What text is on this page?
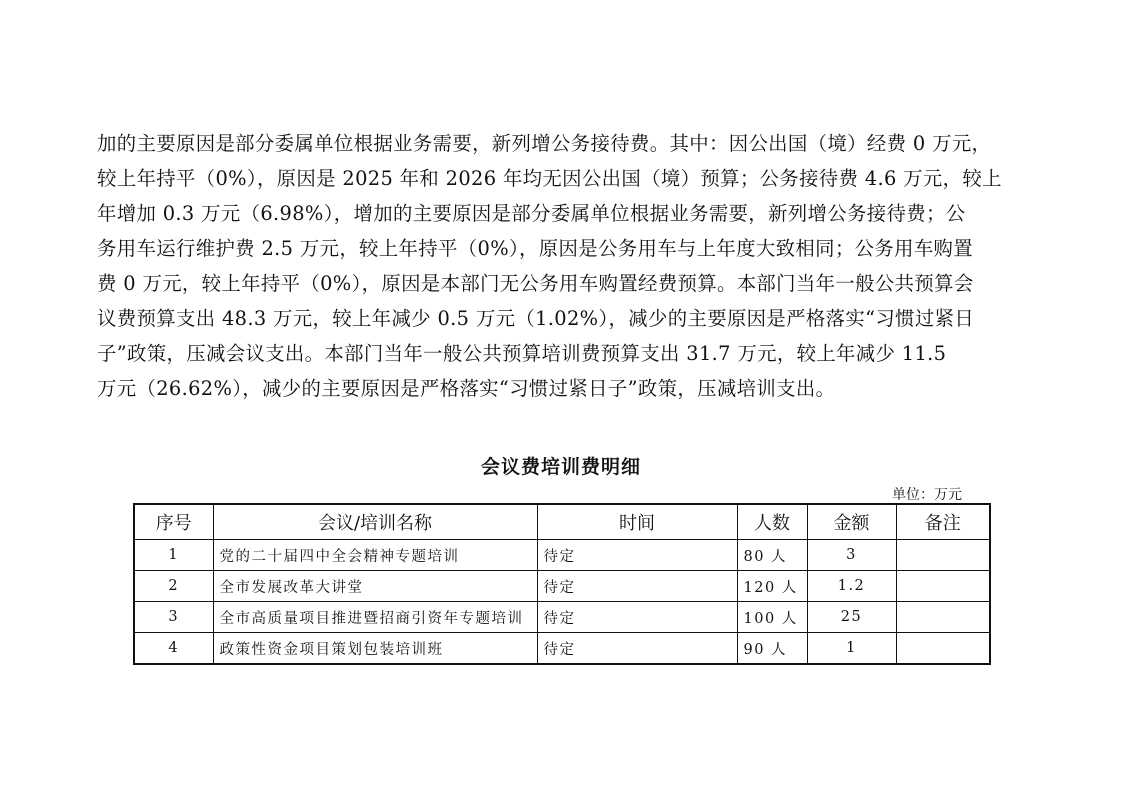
加的主要原因是部分委属单位根据业务需要，新列增公务接待费。其中：因公出国（境）经费 0 万元，
较上年持平（0%），原因是 2025 年和 2026 年均无因公出国（境）预算；公务接待费 4.6 万元，较上
年增加 0.3 万元（6.98%），增加的主要原因是部分委属单位根据业务需要，新列增公务接待费；公
务用车运行维护费 2.5 万元，较上年持平（0%），原因是公务用车与上年度大致相同；公务用车购置
费 0 万元，较上年持平（0%），原因是本部门无公务用车购置经费预算。本部门当年一般公共预算会
议费预算支出 48.3 万元，较上年减少 0.5 万元（1.02%），减少的主要原因是严格落实“习惯过紧日
子”政策，压减会议支出。本部门当年一般公共预算培训费预算支出 31.7 万元，较上年减少 11.5
万元（26.62%），减少的主要原因是严格落实“习惯过紧日子”政策，压减培训支出。

会议费培训费明细
单位：万元
序号	会议/培训名称	时间	人数	金额	备注
1	党的二十届四中全会精神专题培训	待定	80 人	3	
2	全市发展改革大讲堂	待定	120 人	1.2	
3	全市高质量项目推进暨招商引资年专题培训	待定	100 人	25	
4	政策性资金项目策划包装培训班	待定	90 人	1	
